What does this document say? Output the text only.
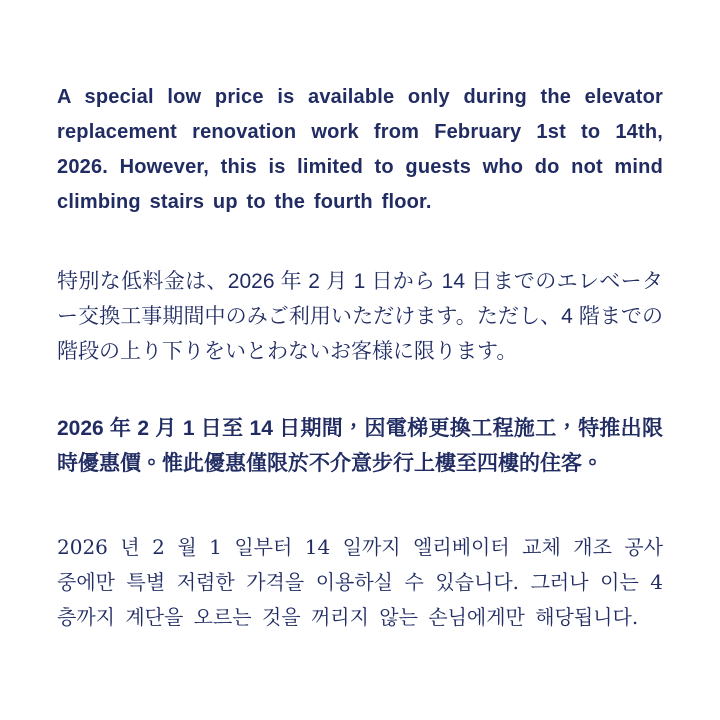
A special low price is available only during the elevator replacement renovation work from February 1st to 14th, 2026. However, this is limited to guests who do not mind climbing stairs up to the fourth floor.

特別な低料金は、2026 年 2 月 1 日から 14 日までのエレベーター交換工事期間中のみご利用いただけます。ただし、4 階までの階段の上り下りをいとわないお客様に限ります。

2026 年 2 月 1 日至 14 日期間，因電梯更換工程施工，特推出限時優惠價。惟此優惠僅限於不介意步行上樓至四樓的住客。

2026 년 2 월 1 일부터 14 일까지 엘리베이터 교체 개조 공사 중에만 특별 저렴한 가격을 이용하실 수 있습니다. 그러나 이는 4 층까지 계단을 오르는 것을 꺼리지 않는 손님에게만 해당됩니다.
